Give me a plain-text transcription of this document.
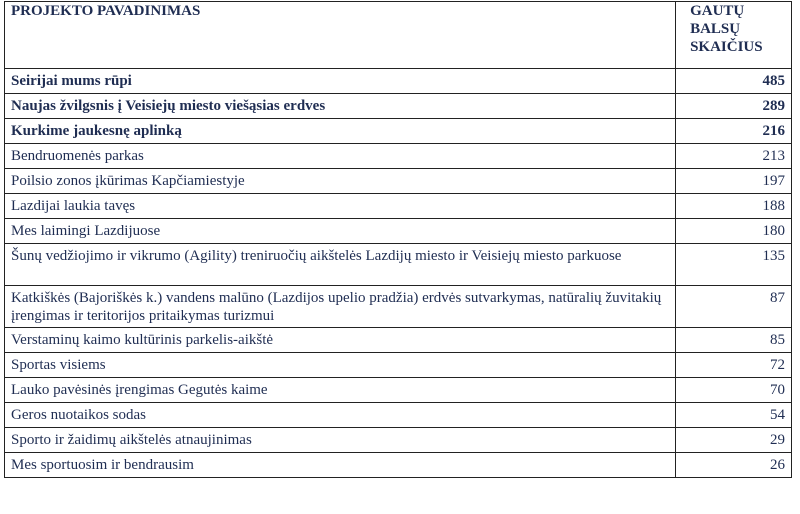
PROJEKTO PAVADINIMAS	GAUTŲ BALSŲ SKAIČIUS
Seirijai mums rūpi	485
Naujas žvilgsnis į Veisiejų miesto viešąsias erdves	289
Kurkime jaukesnę aplinką	216
Bendruomenės parkas	213
Poilsio zonos įkūrimas Kapčiamiestyje	197
Lazdijai laukia tavęs	188
Mes laimingi Lazdijuose	180
Šunų vedžiojimo ir vikrumo (Agility) treniruočių aikštelės Lazdijų miesto ir Veisiejų miesto parkuose	135
Katkiškės (Bajoriškės k.) vandens malūno (Lazdijos upelio pradžia) erdvės sutvarkymas, natūralių žuvitakių įrengimas ir teritorijos pritaikymas turizmui	87
Verstaminų kaimo kultūrinis parkelis-aikštė	85
Sportas visiems	72
Lauko pavėsinės įrengimas Gegutės kaime	70
Geros nuotaikos sodas	54
Sporto ir žaidimų aikštelės atnaujinimas	29
Mes sportuosim ir bendrausim	26
